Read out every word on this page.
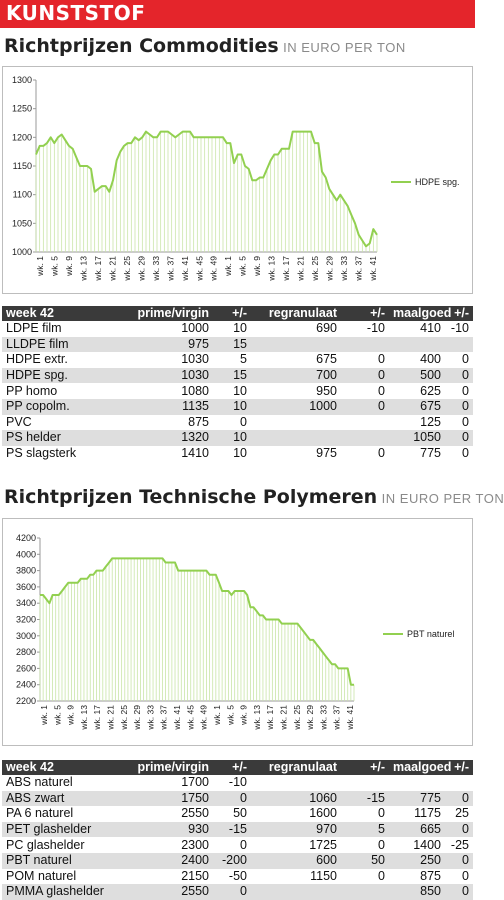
KUNSTSTOF
Richtprijzen Commodities IN EURO PER TON
1000
1050
1100
1150
1200
1250
1300
wk. 1 wk. 5 wk. 9 wk. 13 wk. 17 wk. 21 wk. 25 wk. 29 wk. 33 wk. 37 wk. 41 wk. 45 wk. 49 wk. 1 wk. 5 wk. 9 wk. 13 wk. 17 wk. 21 wk. 25 wk. 29 wk. 33 wk. 37 wk. 41
HDPE spg.
week 42	prime/virgin	+/-	regranulaat	+/-	maalgoed	+/-
LDPE film	1000	10	690	-10	410	-10
LLDPE film	975	15				
HDPE extr.	1030	5	675	0	400	0
HDPE spg.	1030	15	700	0	500	0
PP homo	1080	10	950	0	625	0
PP copolm.	1135	10	1000	0	675	0
PVC	875	0			125	0
PS helder	1320	10			1050	0
PS slagsterk	1410	10	975	0	775	0
Richtprijzen Technische Polymeren IN EURO PER TON
2200
2400
2600
2800
3000
3200
3400
3600
3800
4000
4200
wk. 1 wk. 5 wk. 9 wk. 13 wk. 17 wk. 21 wk. 25 wk. 29 wk. 33 wk. 37 wk. 41 wk. 45 wk. 49 wk. 1 wk. 5 wk. 9 wk. 13 wk. 17 wk. 21 wk. 25 wk. 29 wk. 33 wk. 37 wk. 41
PBT naturel
week 42	prime/virgin	+/-	regranulaat	+/-	maalgoed	+/-
ABS naturel	1700	-10				
ABS zwart	1750	0	1060	-15	775	0
PA 6 naturel	2550	50	1600	0	1175	25
PET glashelder	930	-15	970	5	665	0
PC glashelder	2300	0	1725	0	1400	-25
PBT naturel	2400	-200	600	50	250	0
POM naturel	2150	-50	1150	0	875	0
PMMA glashelder	2550	0			850	0
